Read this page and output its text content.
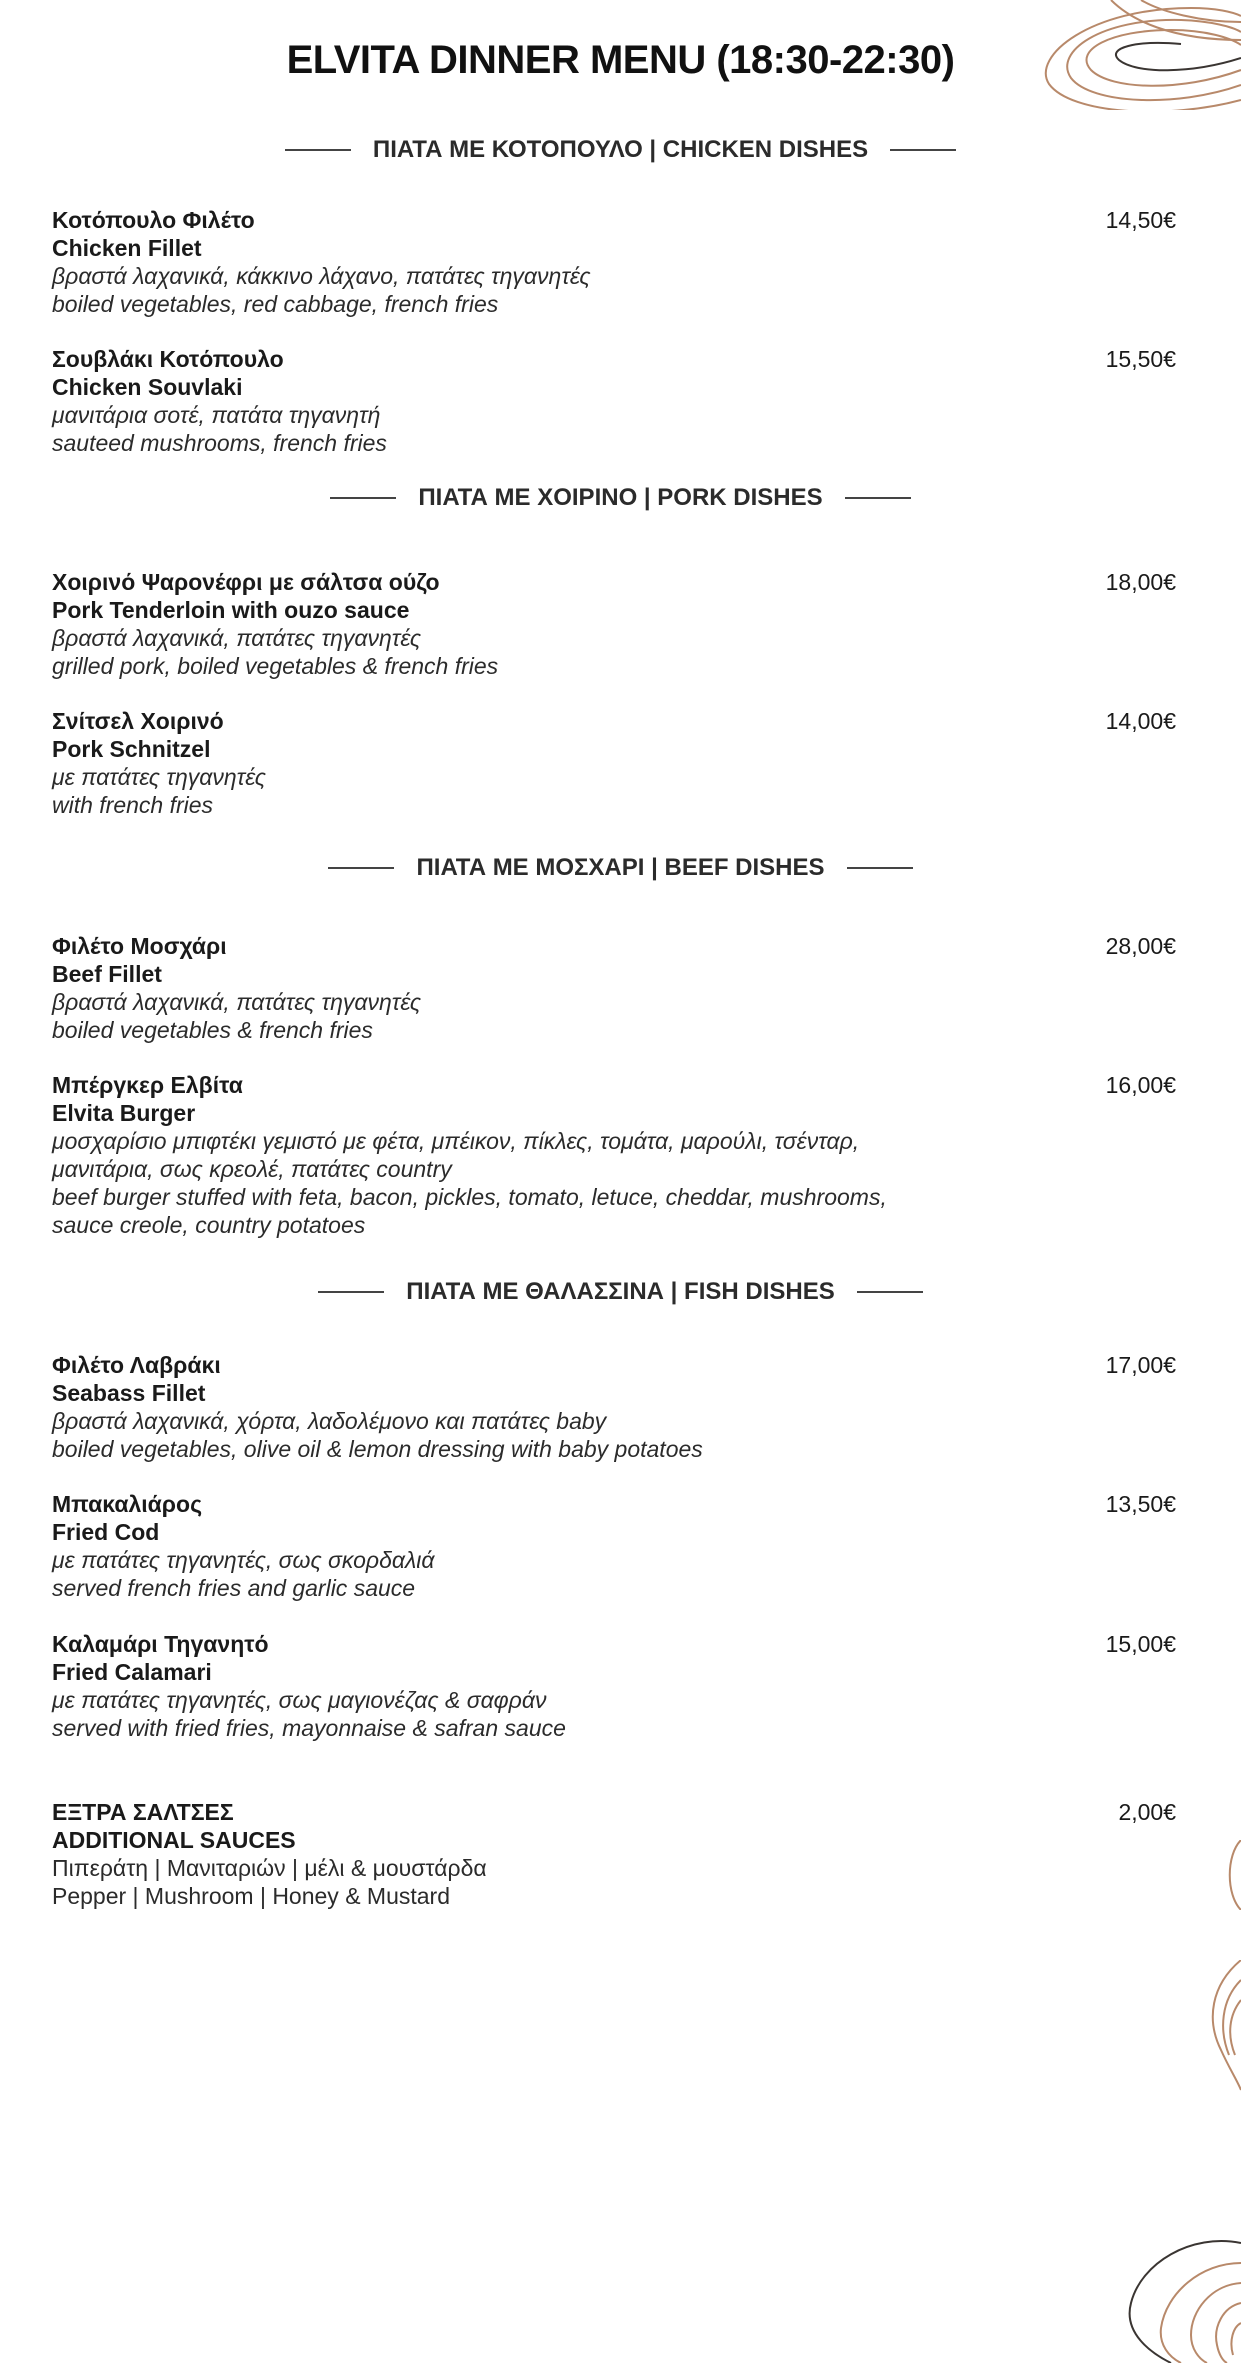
ELVITA DINNER MENU (18:30-22:30)
ΠΙΑΤΑ ΜΕ ΚΟΤΟΠΟΥΛΟ | CHICKEN DISHES
Κοτόπουλο Φιλέτο
Chicken Fillet
βραστά λαχανικά, κάκκινο λάχανο, πατάτες τηγανητές
boiled vegetables, red cabbage, french fries
14,50€
Σουβλάκι Κοτόπουλο
Chicken Souvlaki
μανιτάρια σοτέ, πατάτα τηγανητή
sauteed mushrooms, french fries
15,50€
ΠΙΑΤΑ ΜΕ ΧΟΙΡΙΝΟ | PORK DISHES
Χοιρινό Ψαρονέφρι με σάλτσα ούζο
Pork Tenderloin with ouzo sauce
βραστά λαχανικά, πατάτες τηγανητές
grilled pork, boiled vegetables & french fries
18,00€
Σνίτσελ Χοιρινό
Pork Schnitzel
με πατάτες τηγανητές
with french fries
14,00€
ΠΙΑΤΑ ΜΕ ΜΟΣΧΑΡΙ | BEEF DISHES
Φιλέτο Μοσχάρι
Beef Fillet
βραστά λαχανικά, πατάτες τηγανητές
boiled vegetables & french fries
28,00€
Μπέργκερ Ελβίτα
Elvita Burger
μοσχαρίσιο μπιφτέκι γεμιστό με φέτα, μπέικον, πίκλες, τομάτα, μαρούλι, τσένταρ,
μανιτάρια, σως κρεολέ, πατάτες country
beef burger stuffed with feta, bacon, pickles, tomato, letuce, cheddar, mushrooms,
sauce creole, country potatoes
16,00€
ΠΙΑΤΑ ΜΕ ΘΑΛΑΣΣΙΝΑ | FISH DISHES
Φιλέτο Λαβράκι
Seabass Fillet
βραστά λαχανικά, χόρτα, λαδολέμονο και πατάτες baby
boiled vegetables, olive oil & lemon dressing with baby potatoes
17,00€
Μπακαλιάρος
Fried Cod
με πατάτες τηγανητές, σως σκορδαλιά
served french fries and garlic sauce
13,50€
Καλαμάρι Τηγανητό
Fried Calamari
με πατάτες τηγανητές, σως μαγιονέζας & σαφράν
served with fried fries, mayonnaise & safran sauce
15,00€
ΕΞΤΡΑ ΣΑΛΤΣΕΣ
ADDITIONAL SAUCES
Πιπεράτη | Μανιταριών | μέλι & μουστάρδα
Pepper | Mushroom | Honey & Mustard
2,00€
